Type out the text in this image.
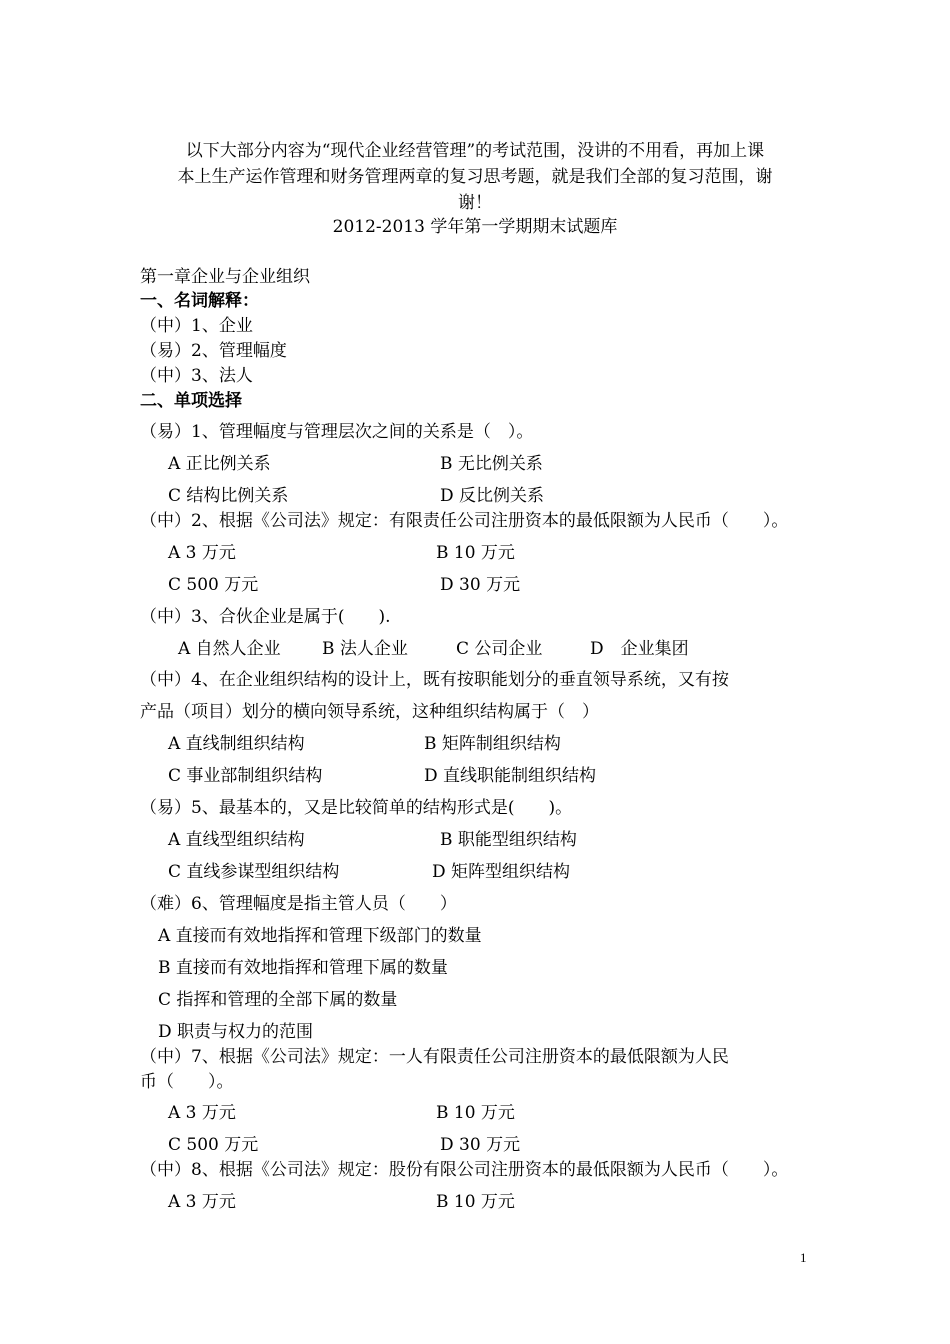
以下大部分内容为“现代企业经营管理”的考试范围，没讲的不用看，再加上课
本上生产运作管理和财务管理两章的复习思考题，就是我们全部的复习范围，谢
谢！
2012-2013 学年第一学期期末试题库
第一章企业与企业组织
一、名词解释：
（中）1、企业
（易）2、管理幅度
（中）3、法人
二、单项选择
（易）1、管理幅度与管理层次之间的关系是（　）。
A 正比例关系	B 无比例关系
C 结构比例关系	D 反比例关系
（中）2、根据《公司法》规定：有限责任公司注册资本的最低限额为人民币（　　）。
A 3 万元	B 10 万元
C 500 万元	D 30 万元
（中）3、合伙企业是属于(　　).
A 自然人企业 B 法人企业	C 公司企业	D　企业集团
（中）4、在企业组织结构的设计上，既有按职能划分的垂直领导系统，又有按
产品（项目）划分的横向领导系统，这种组织结构属于（　）
A 直线制组织结构	B 矩阵制组织结构
C 事业部制组织结构	D 直线职能制组织结构
（易）5、最基本的，又是比较简单的结构形式是(　　)。
A 直线型组织结构	B 职能型组织结构
C 直线参谋型组织结构	D 矩阵型组织结构
（难）6、管理幅度是指主管人员（　　）
A 直接而有效地指挥和管理下级部门的数量
B 直接而有效地指挥和管理下属的数量
C 指挥和管理的全部下属的数量
D 职责与权力的范围
（中）7、根据《公司法》规定：一人有限责任公司注册资本的最低限额为人民
币（　　）。
A 3 万元	B 10 万元
C 500 万元	D 30 万元
（中）8、根据《公司法》规定：股份有限公司注册资本的最低限额为人民币（　　）。
A 3 万元	B 10 万元
1
